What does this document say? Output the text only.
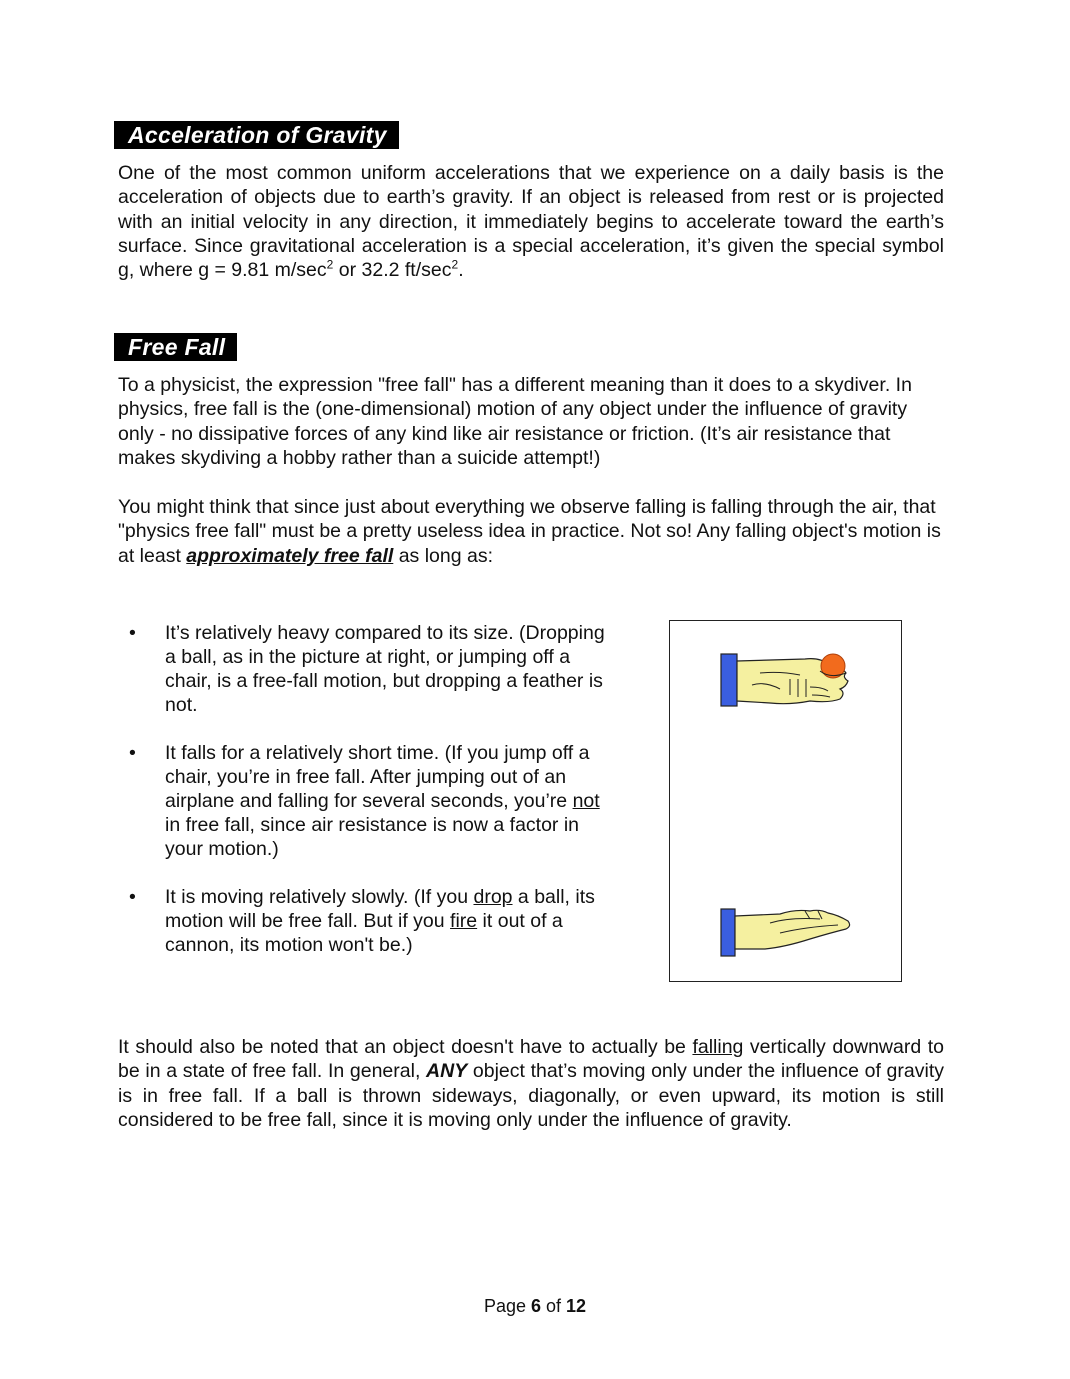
Acceleration of Gravity

One of the most common uniform accelerations that we experience on a daily basis is the acceleration of objects due to earth’s gravity. If an object is released from rest or is projected with an initial velocity in any direction, it immediately begins to accelerate toward the earth’s surface. Since gravitational acceleration is a special acceleration, it’s given the special symbol g, where g = 9.81 $m/\sec^2$ or 32.2 $ft/\sec^2$.

Free Fall

To a physicist, the expression "free fall" has a different meaning than it does to a skydiver. In physics, free fall is the (one-dimensional) motion of any object under the influence of gravity only - no dissipative forces of any kind like air resistance or friction. (It’s air resistance that makes skydiving a hobby rather than a suicide attempt!)

You might think that since just about everything we observe falling is falling through the air, that "physics free fall" must be a pretty useless idea in practice. Not so! Any falling object's motion is at least approximately free fall as long as:

• It’s relatively heavy compared to its size. (Dropping a ball, as in the picture at right, or jumping off a chair, is a free-fall motion, but dropping a feather is not.
• It falls for a relatively short time. (If you jump off a chair, you’re in free fall. After jumping out of an airplane and falling for several seconds, you’re not in free fall, since air resistance is now a factor in your motion.)
• It is moving relatively slowly. (If you drop a ball, its motion will be free fall. But if you fire it out of a cannon, its motion won't be.)

It should also be noted that an object doesn't have to actually be falling vertically downward to be in a state of free fall. In general, ANY object that’s moving only under the influence of gravity is in free fall. If a ball is thrown sideways, diagonally, or even upward, its motion is still considered to be free fall, since it is moving only under the influence of gravity.

Page 6 of 12
